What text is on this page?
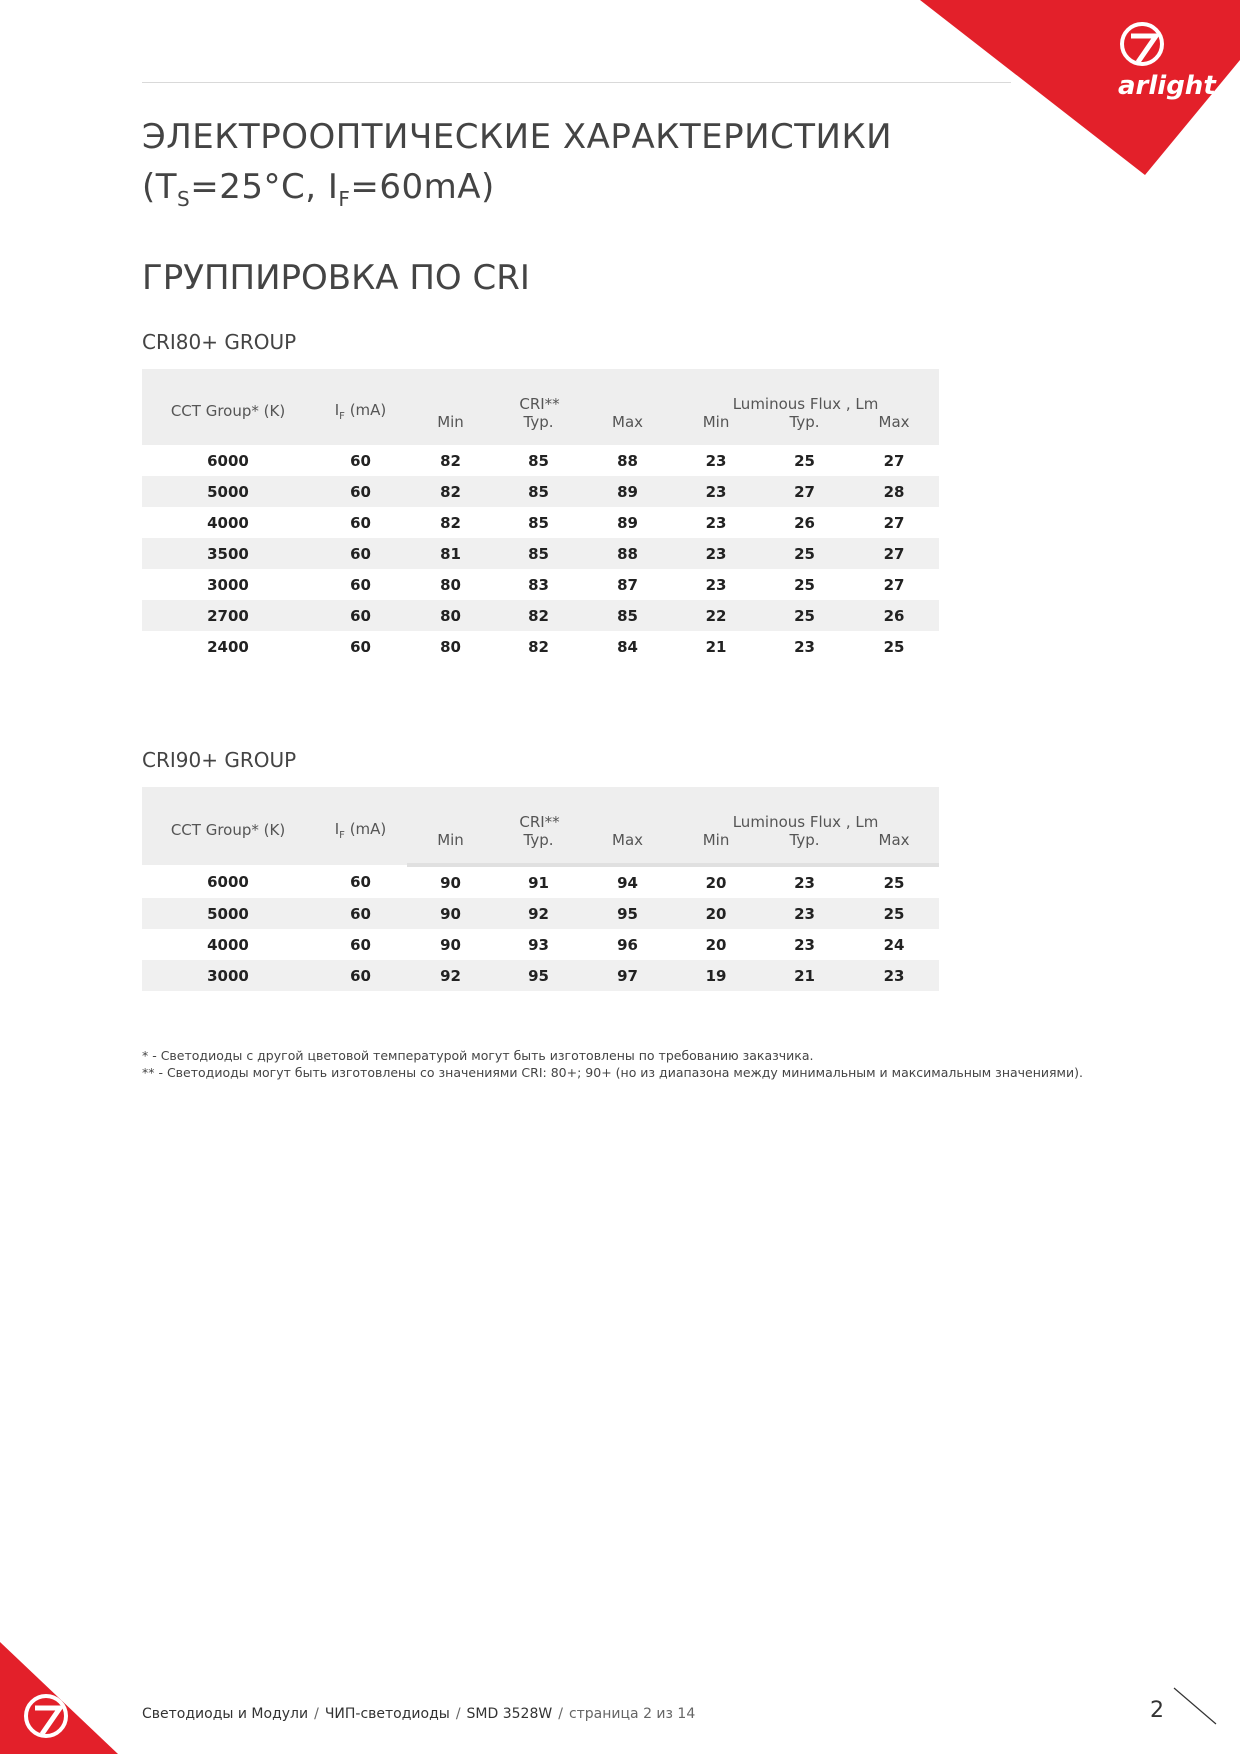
arlight
ЭЛЕКТРООПТИЧЕСКИЕ ХАРАКТЕРИСТИКИ
($T_S=25^\circ C$, $I_F=60mA$)
ГРУППИРОВКА ПО CRI

CRI80+ GROUP

CCT Group* (K)	$I_F$ (mA)	CRI**			Luminous Flux , Lm		
		Min	Typ.	Max	Min	Typ.	Max
6000	60	82	85	88	23	25	27
5000	60	82	85	89	23	27	28
4000	60	82	85	89	23	26	27
3500	60	81	85	88	23	25	27
3000	60	80	83	87	23	25	27
2700	60	80	82	85	22	25	26
2400	60	80	82	84	21	23	25

CRI90+ GROUP

CCT Group* (K)	$I_F$ (mA)	CRI**			Luminous Flux , Lm		
		Min	Typ.	Max	Min	Typ.	Max
6000	60	90	91	94	20	23	25
5000	60	90	92	95	20	23	25
4000	60	90	93	96	20	23	24
3000	60	92	95	97	19	21	23

* - Светодиоды с другой цветовой температурой могут быть изготовлены по требованию заказчика.

** - Светодиоды могут быть изготовлены со значениями CRI: 80+; 90+ (но из диапазона между минимальным и максимальным значениями).

Светодиоды и Модули / ЧИП-светодиоды / SMD 3528W / страница 2 из 14	2
